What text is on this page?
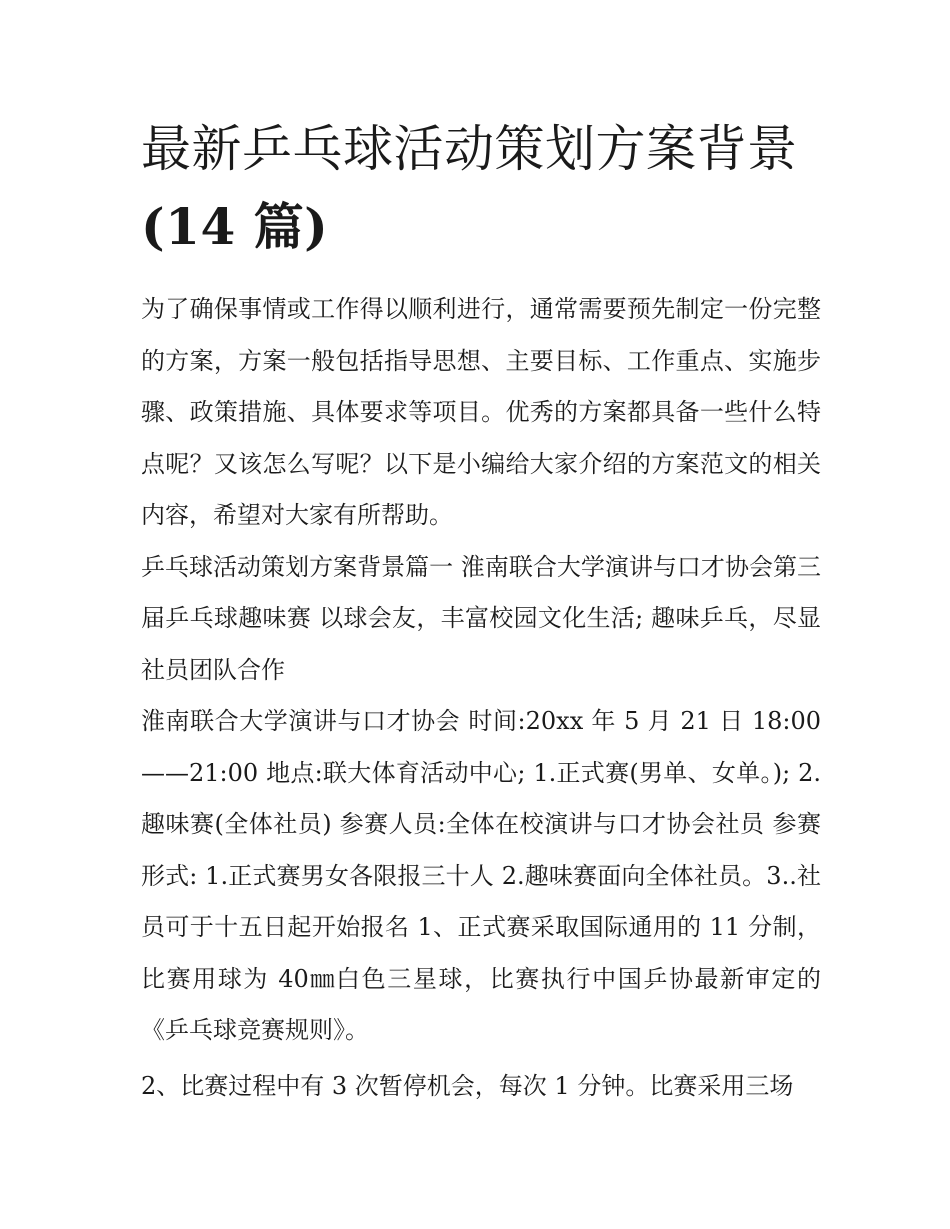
最新乒乓球活动策划方案背景
(14 篇)

为了确保事情或工作得以顺利进行，通常需要预先制定一份完整的方案，方案一般包括指导思想、主要目标、工作重点、实施步骤、政策措施、具体要求等项目。优秀的方案都具备一些什么特点呢？又该怎么写呢？以下是小编给大家介绍的方案范文的相关内容，希望对大家有所帮助。

乒乓球活动策划方案背景篇一 淮南联合大学演讲与口才协会第三届乒乓球趣味赛 以球会友，丰富校园文化生活; 趣味乒乓，尽显社员团队合作

淮南联合大学演讲与口才协会 时间:20xx 年 5 月 21 日 18:00——21:00 地点:联大体育活动中心; 1.正式赛(男单、女单。); 2.趣味赛(全体社员) 参赛人员:全体在校演讲与口才协会社员 参赛形式: 1.正式赛男女各限报三十人 2.趣味赛面向全体社员。3..社员可于十五日起开始报名 1、正式赛采取国际通用的 11 分制，比赛用球为 40㎜白色三星球，比赛执行中国乒协最新审定的《乒乓球竞赛规则》。

2、比赛过程中有 3 次暂停机会，每次 1 分钟。比赛采用三场
